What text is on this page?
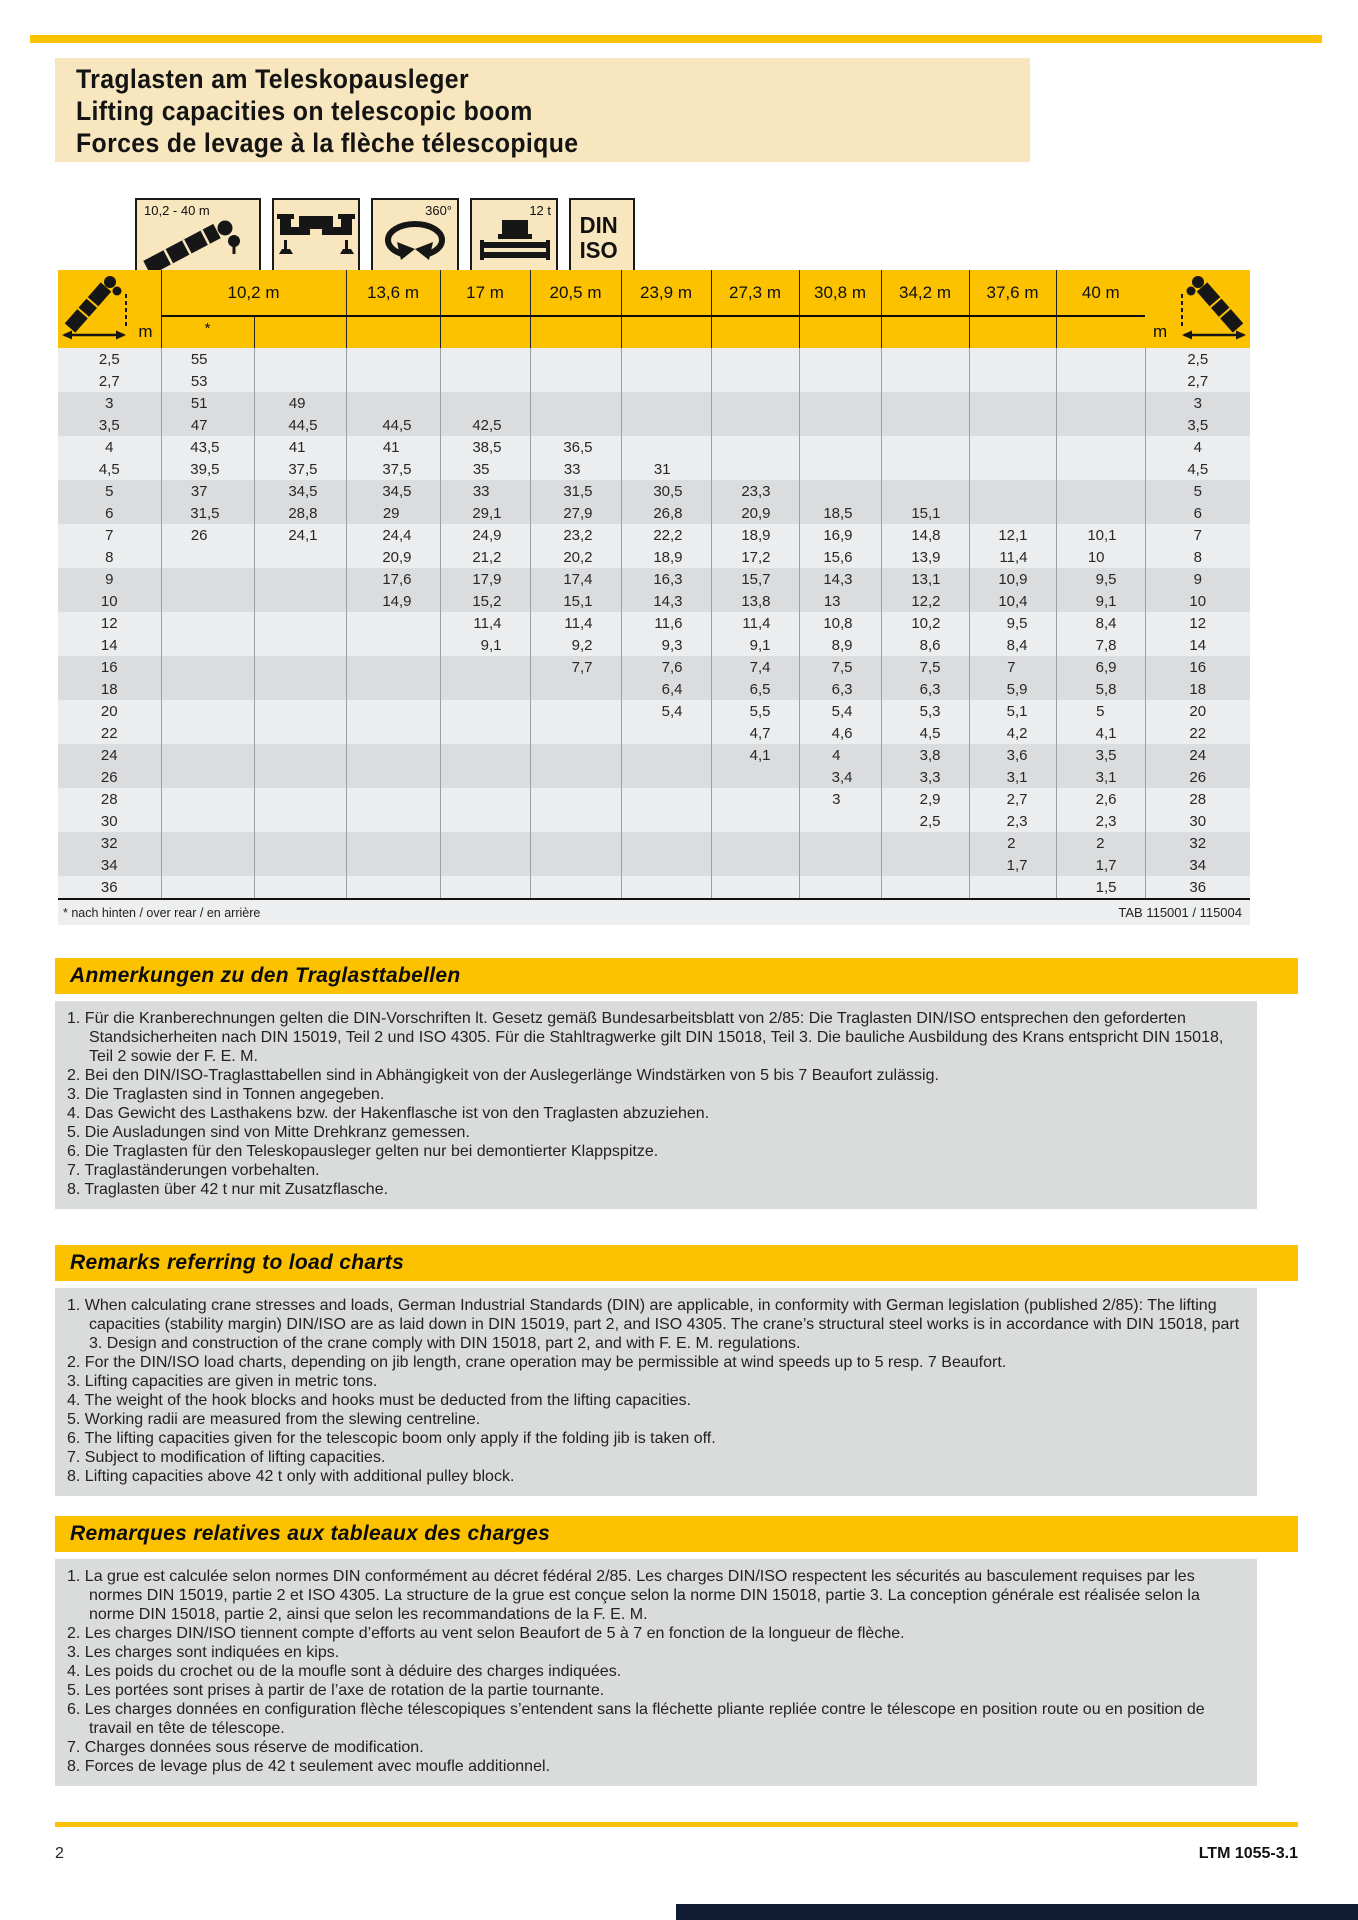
Traglasten am Teleskopausleger
Lifting capacities on telescopic boom
Forces de levage à la flèche télescopique
10,2 - 40 m	360°	12 t
DIN
ISO
m	10,2 m		13,6 m	17 m	20,5 m	23,9 m	27,3 m	30,8 m	34,2 m	37,6 m	40 m	m

	*											
2,5	55											2,5
2,7	53											2,7
3	51	49										3
3,5	47	44,5	44,5	42,5								3,5
4	43,5	41	41	38,5	36,5							4
4,5	39,5	37,5	37,5	35	33	31						4,5
5	37	34,5	34,5	33	31,5	30,5	23,3					5
6	31,5	28,8	29	29,1	27,9	26,8	20,9	18,5	15,1			6
7	26	24,1	24,4	24,9	23,2	22,2	18,9	16,9	14,8	12,1	10,1	7
8			20,9	21,2	20,2	18,9	17,2	15,6	13,9	11,4	10	8
9			17,6	17,9	17,4	16,3	15,7	14,3	13,1	10,9	9,5	9
10			14,9	15,2	15,1	14,3	13,8	13	12,2	10,4	9,1	10
12				11,4	11,4	11,6	11,4	10,8	10,2	9,5	8,4	12
14				9,1	9,2	9,3	9,1	8,9	8,6	8,4	7,8	14
16					7,7	7,6	7,4	7,5	7,5	7	6,9	16
18						6,4	6,5	6,3	6,3	5,9	5,8	18
20						5,4	5,5	5,4	5,3	5,1	5	20
22							4,7	4,6	4,5	4,2	4,1	22
24							4,1	4	3,8	3,6	3,5	24
26								3,4	3,3	3,1	3,1	26
28								3	2,9	2,7	2,6	28
30									2,5	2,3	2,3	30
32										2	2	32
34										1,7	1,7	34
36											1,5	36
* nach hinten / over rear / en arrière	TAB 115001 / 115004
Anmerkungen zu den Traglasttabellen
1. Für die Kranberechnungen gelten die DIN-Vorschriften lt. Gesetz gemäß Bundesarbeitsblatt von 2/85: Die Traglasten DIN/ISO entsprechen den geforderten Standsicherheiten nach DIN 15019, Teil 2 und ISO 4305. Für die Stahltragwerke gilt DIN 15018, Teil 3. Die bauliche Ausbildung des Krans entspricht DIN 15018, Teil 2 sowie der F. E. M.
2. Bei den DIN/ISO-Traglasttabellen sind in Abhängigkeit von der Auslegerlänge Windstärken von 5 bis 7 Beaufort zulässig.
3. Die Traglasten sind in Tonnen angegeben.
4. Das Gewicht des Lasthakens bzw. der Hakenflasche ist von den Traglasten abzuziehen.
5. Die Ausladungen sind von Mitte Drehkranz gemessen.
6. Die Traglasten für den Teleskopausleger gelten nur bei demontierter Klappspitze.
7. Traglaständerungen vorbehalten.
8. Traglasten über 42 t nur mit Zusatzflasche.
Remarks referring to load charts
1. When calculating crane stresses and loads, German Industrial Standards (DIN) are applicable, in conformity with German legislation (published 2/85): The lifting capacities (stability margin) DIN/ISO are as laid down in DIN 15019, part 2, and ISO 4305. The crane’s structural steel works is in accordance with DIN 15018, part 3. Design and construction of the crane comply with DIN 15018, part 2, and with F. E. M. regulations.
2. For the DIN/ISO load charts, depending on jib length, crane operation may be permissible at wind speeds up to 5 resp. 7 Beaufort.
3. Lifting capacities are given in metric tons.
4. The weight of the hook blocks and hooks must be deducted from the lifting capacities.
5. Working radii are measured from the slewing centreline.
6. The lifting capacities given for the telescopic boom only apply if the folding jib is taken off.
7. Subject to modification of lifting capacities.
8. Lifting capacities above 42 t only with additional pulley block.
Remarques relatives aux tableaux des charges
1. La grue est calculée selon normes DIN conformément au décret fédéral 2/85. Les charges DIN/ISO respectent les sécurités au basculement requises par les normes DIN 15019, partie 2 et ISO 4305. La structure de la grue est conçue selon la norme DIN 15018, partie 3. La conception générale est réalisée selon la norme DIN 15018, partie 2, ainsi que selon les recommandations de la F. E. M.
2. Les charges DIN/ISO tiennent compte d’efforts au vent selon Beaufort de 5 à 7 en fonction de la longueur de flèche.
3. Les charges sont indiquées en kips.
4. Les poids du crochet ou de la moufle sont à déduire des charges indiquées.
5. Les portées sont prises à partir de l’axe de rotation de la partie tournante.
6. Les charges données en configuration flèche télescopiques s’entendent sans la fléchette pliante repliée contre le télescope en position route ou en position de travail en tête de télescope.
7. Charges données sous réserve de modification.
8. Forces de levage plus de 42 t seulement avec moufle additionnel.
2	LTM 1055-3.1
